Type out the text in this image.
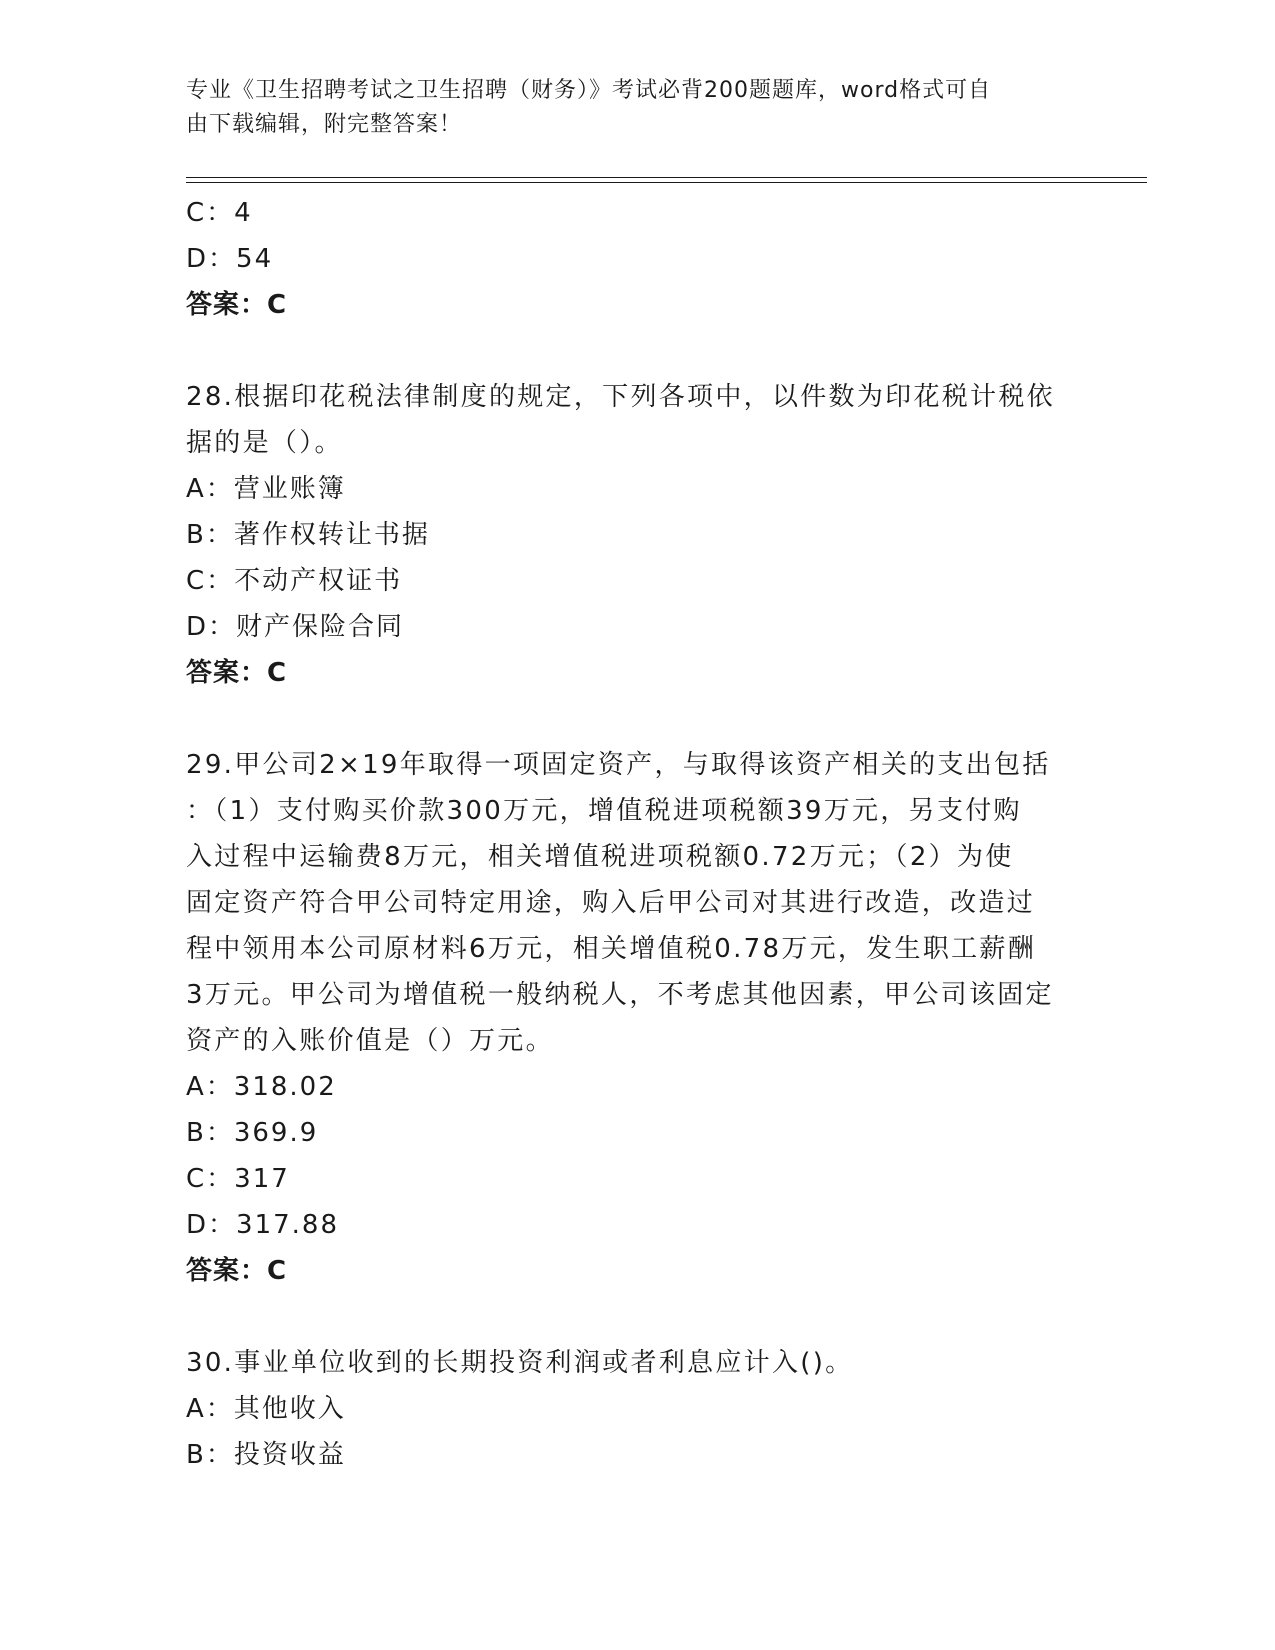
专业《卫生招聘考试之卫生招聘（财务）》考试必背200题题库，word格式可自
由下载编辑，附完整答案！
C：4
D：54
答案：C
28.根据印花税法律制度的规定，下列各项中，以件数为印花税计税依
据的是（）。
A：营业账簿
B：著作权转让书据
C：不动产权证书
D：财产保险合同
答案：C
29.甲公司2×19年取得一项固定资产，与取得该资产相关的支出包括
：（1）支付购买价款300万元，增值税进项税额39万元，另支付购
入过程中运输费8万元，相关增值税进项税额0.72万元；（2）为使
固定资产符合甲公司特定用途，购入后甲公司对其进行改造，改造过
程中领用本公司原材料6万元，相关增值税0.78万元，发生职工薪酬
3万元。甲公司为增值税一般纳税人，不考虑其他因素，甲公司该固定
资产的入账价值是（）万元。
A：318.02
B：369.9
C：317
D：317.88
答案：C
30.事业单位收到的长期投资利润或者利息应计入()。
A：其他收入
B：投资收益
